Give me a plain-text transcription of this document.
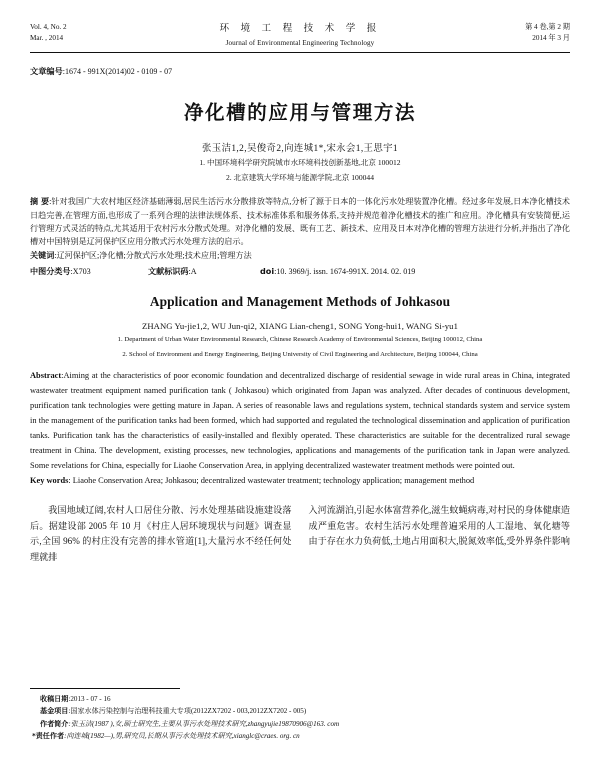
Vol. 4, No. 2
Mar. , 2014
环 境 工 程 技 术 学 报
Journal of Environmental Engineering Technology
第 4 卷,第 2 期
2014 年 3 月
文章编号:1674 - 991X(2014)02 - 0109 - 07
净化槽的应用与管理方法
张玉洁1,2,吴俊奇2,向连城1*,宋永会1,王思宇1
1. 中国环境科学研究院城市水环境科技创新基地,北京 100012
2. 北京建筑大学环境与能源学院,北京 100044
摘 要:针对我国广大农村地区经济基础薄弱,居民生活污水分散排放等特点,分析了源于日本的一体化污水处理装置净化槽。经过多年发展,日本净化槽技术日趋完善,在管理方面,也形成了一系列合理的法律法规体系、技术标准体系和服务体系,支持并规范着净化槽技术的推广和应用。净化槽具有安装简便,运行管理方式灵活的特点,尤其适用于农村污水分散式处理。对净化槽的发展、既有工艺、新技术、应用及日本对净化槽的管理方法进行分析,并指出了净化槽对中国特别是辽河保护区应用分散式污水处理方法的启示。
关键词:辽河保护区;净化槽;分散式污水处理;技术应用;管理方法
中图分类号:X703	文献标识码:A	doi:10. 3969/j. issn. 1674-991X. 2014. 02. 019
Application and Management Methods of Johkasou
ZHANG Yu-jie1,2, WU Jun-qi2, XIANG Lian-cheng1, SONG Yong-hui1, WANG Si-yu1
1. Department of Urban Water Environmental Research, Chinese Research Academy of Environmental Sciences, Beijing 100012, China
2. School of Environment and Energy Engineering, Beijing University of Civil Engineering and Architecture, Beijing 100044, China
Abstract:Aiming at the characteristics of poor economic foundation and decentralized discharge of residential sewage in wide rural areas in China, integrated wastewater treatment equipment named purification tank ( Johkasou) which originated from Japan was analyzed. After decades of continuous development, purification tank technologies were getting mature in Japan. A series of reasonable laws and regulations system, technical standards system and service system in the management of the purification tanks had been formed, which had supported and regulated the technological dissemination and application of purification tanks. Purification tank has the characteristics of easily-installed and flexibly operated. These characteristics are suitable for the decentralized rural sewage treatment in China. The development, existing processes, new technologies, applications and managements of the purification tank in Japan were analyzed. Some revelations for China, especially for Liaohe Conservation Area, in applying decentralized wastewater treatment methods were pointed out.
Key words: Liaohe Conservation Area; Johkasou; decentralized wastewater treatment; technology application; management method

我国地域辽阔,农村人口居住分散、污水处理基础设施建设落后。据建设部 2005 年 10 月《村庄人居环境现状与问题》调查显示,全国 96% 的村庄没有完善的排水管道[1],大量污水不经任何处理就排

入河流湖泊,引起水体富营养化,滋生蚊蝇病毒,对村民的身体健康造成严重危害。农村生活污水处理普遍采用的人工湿地、氧化塘等由于存在水力负荷低,土地占用面积大,脱氮效率低,受外界条件影响

收稿日期:2013 - 07 - 16
基金项目:国家水体污染控制与治理科技重大专项(2012ZX7202 - 003,2012ZX7202 - 005)
作者简介:张玉洁(1987 ),女,硕士研究生,主要从事污水处理技术研究,zhangyujie19870906@163. com
*责任作者:向连城(1982—),男,研究员,长期从事污水处理技术研究,xianglc@craes. org. cn
